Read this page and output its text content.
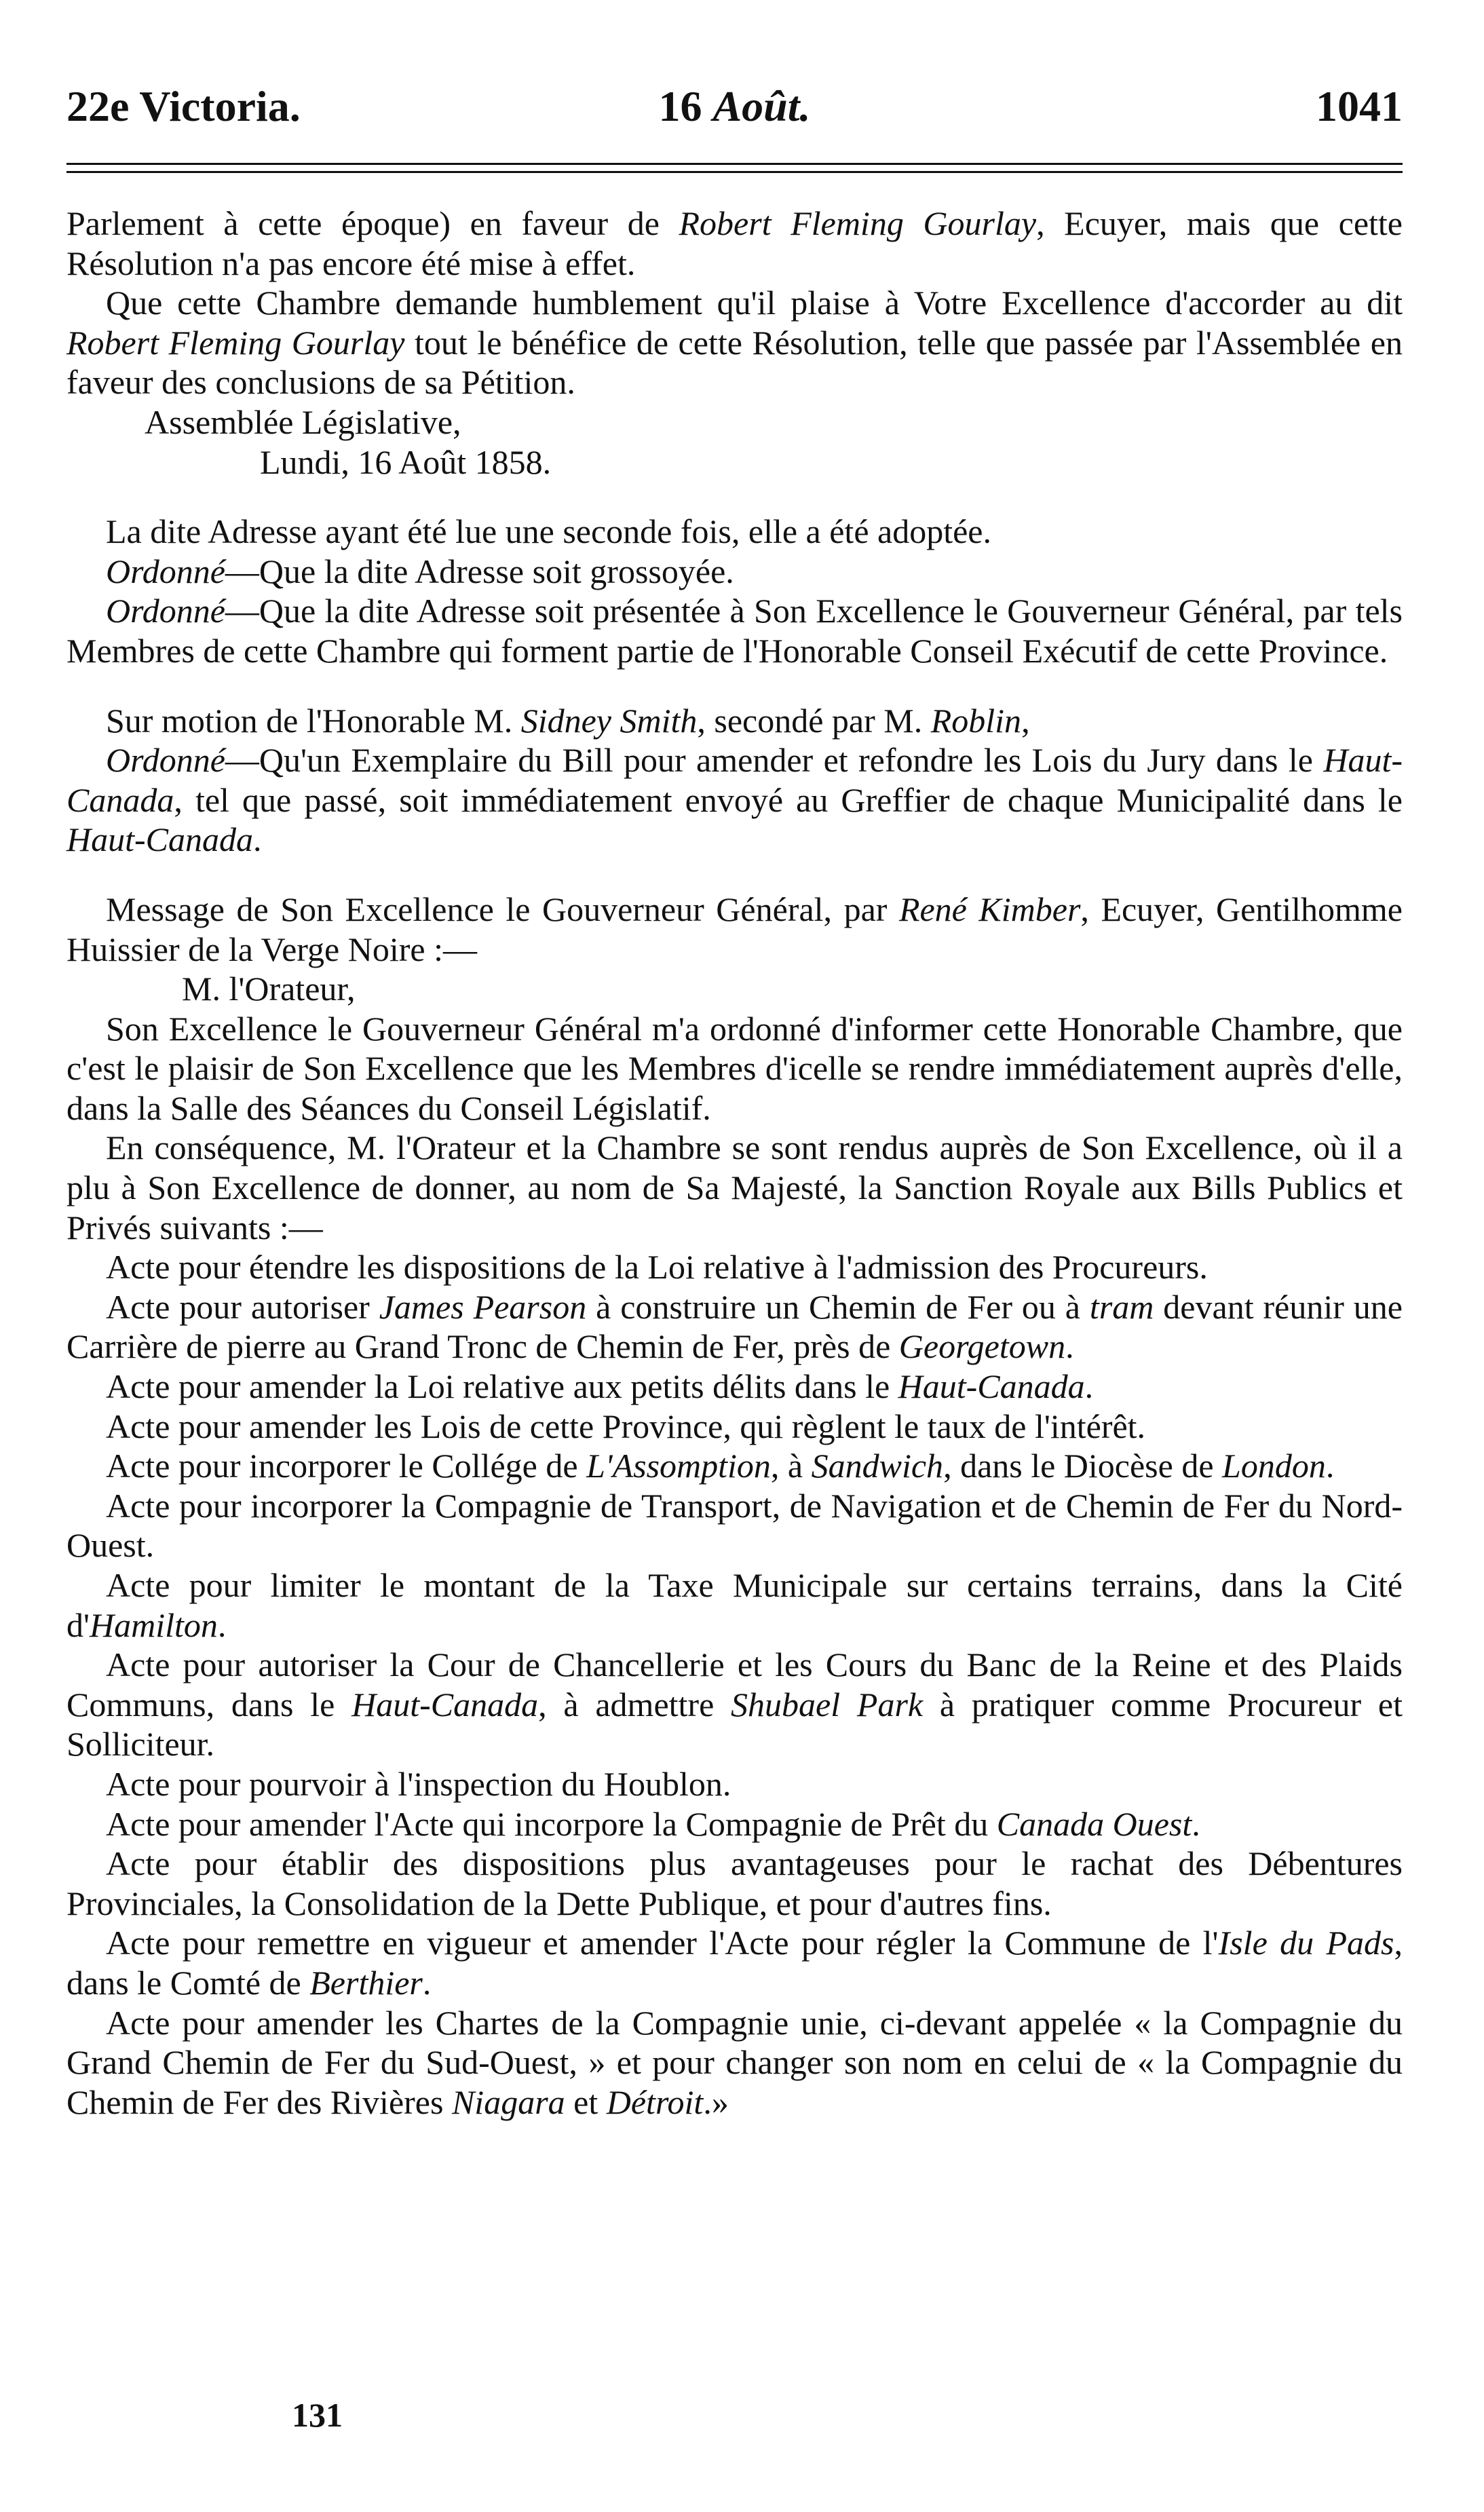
22e Victoria.	16 Août.	1041

Parlement à cette époque) en faveur de Robert Fleming Gourlay, Ecuyer, mais que cette Résolution n'a pas encore été mise à effet.

Que cette Chambre demande humblement qu'il plaise à Votre Excellence d'accorder au dit Robert Fleming Gourlay tout le bénéfice de cette Résolution, telle que passée par l'Assemblée en faveur des conclusions de sa Pétition.

Assemblée Législative,

Lundi, 16 Août 1858.

La dite Adresse ayant été lue une seconde fois, elle a été adoptée.

Ordonné—Que la dite Adresse soit grossoyée.

Ordonné—Que la dite Adresse soit présentée à Son Excellence le Gouverneur Général, par tels Membres de cette Chambre qui forment partie de l'Honorable Conseil Exécutif de cette Province.

Sur motion de l'Honorable M. Sidney Smith, secondé par M. Roblin,

Ordonné—Qu'un Exemplaire du Bill pour amender et refondre les Lois du Jury dans le Haut-Canada, tel que passé, soit immédiatement envoyé au Greffier de chaque Municipalité dans le Haut-Canada.

Message de Son Excellence le Gouverneur Général, par René Kimber, Ecuyer, Gentilhomme Huissier de la Verge Noire :—

M. l'Orateur,

Son Excellence le Gouverneur Général m'a ordonné d'informer cette Honorable Chambre, que c'est le plaisir de Son Excellence que les Membres d'icelle se rendre immédiatement auprès d'elle, dans la Salle des Séances du Conseil Législatif.

En conséquence, M. l'Orateur et la Chambre se sont rendus auprès de Son Excellence, où il a plu à Son Excellence de donner, au nom de Sa Majesté, la Sanction Royale aux Bills Publics et Privés suivants :—

Acte pour étendre les dispositions de la Loi relative à l'admission des Procureurs.

Acte pour autoriser James Pearson à construire un Chemin de Fer ou à tram devant réunir une Carrière de pierre au Grand Tronc de Chemin de Fer, près de Georgetown.

Acte pour amender la Loi relative aux petits délits dans le Haut-Canada.

Acte pour amender les Lois de cette Province, qui règlent le taux de l'intérêt.

Acte pour incorporer le Collége de L'Assomption, à Sandwich, dans le Diocèse de London.

Acte pour incorporer la Compagnie de Transport, de Navigation et de Chemin de Fer du Nord-Ouest.

Acte pour limiter le montant de la Taxe Municipale sur certains terrains, dans la Cité d'Hamilton.

Acte pour autoriser la Cour de Chancellerie et les Cours du Banc de la Reine et des Plaids Communs, dans le Haut-Canada, à admettre Shubael Park à pratiquer comme Procureur et Solliciteur.

Acte pour pourvoir à l'inspection du Houblon.

Acte pour amender l'Acte qui incorpore la Compagnie de Prêt du Canada Ouest.

Acte pour établir des dispositions plus avantageuses pour le rachat des Débentures Provinciales, la Consolidation de la Dette Publique, et pour d'autres fins.

Acte pour remettre en vigueur et amender l'Acte pour régler la Commune de l'Isle du Pads, dans le Comté de Berthier.

Acte pour amender les Chartes de la Compagnie unie, ci-devant appelée « la Compagnie du Grand Chemin de Fer du Sud-Ouest, » et pour changer son nom en celui de « la Compagnie du Chemin de Fer des Rivières Niagara et Détroit.»

131
